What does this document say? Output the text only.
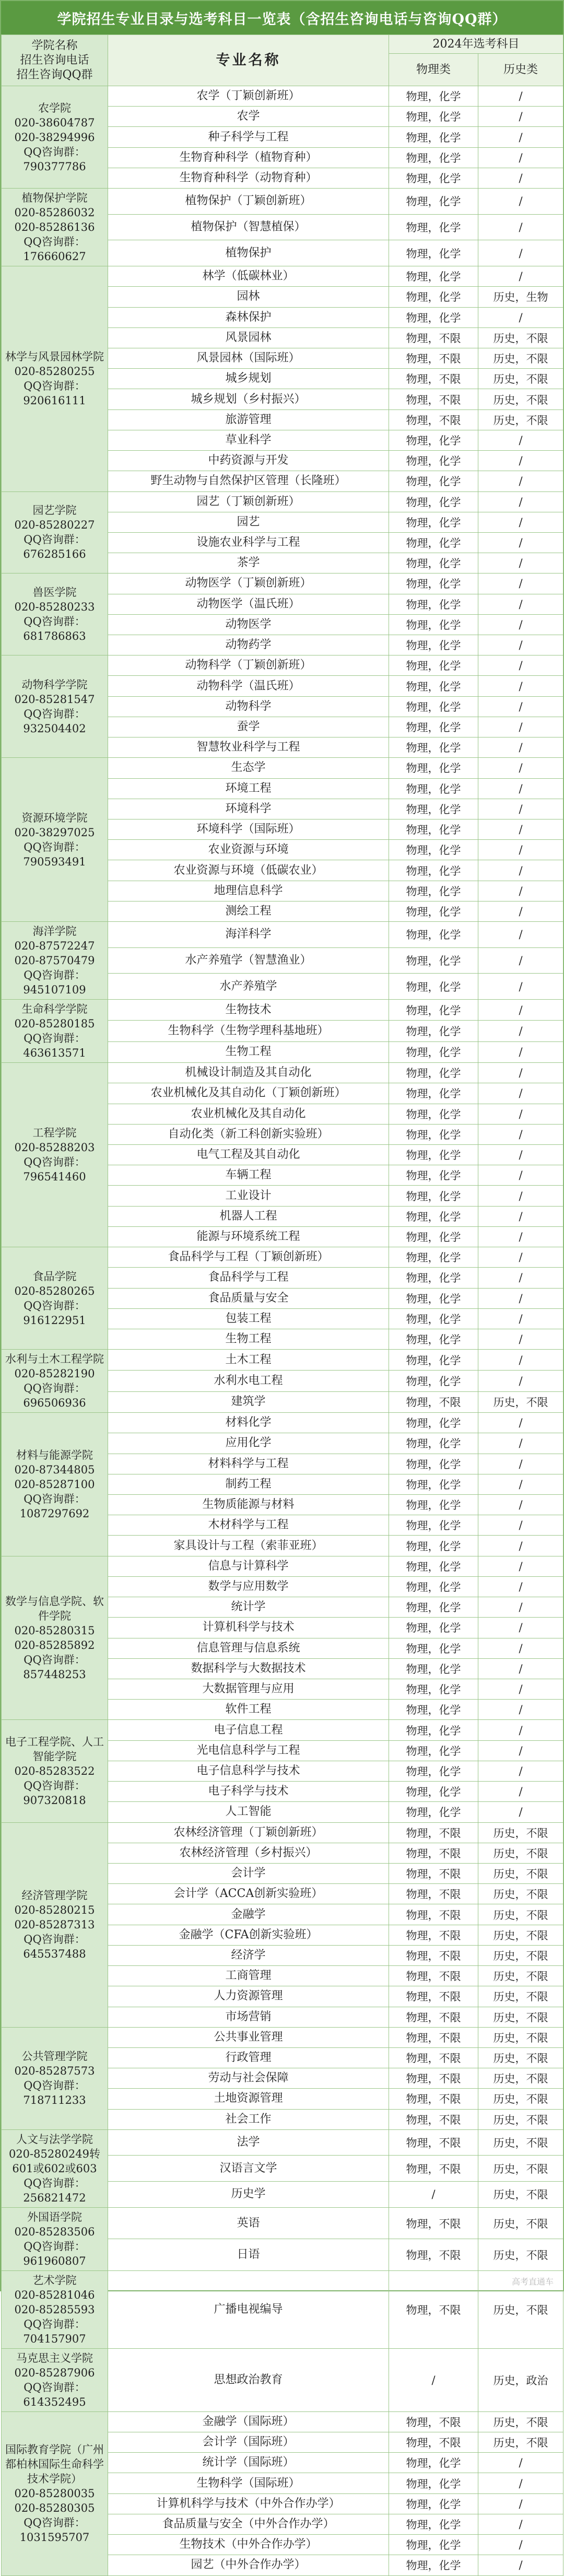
学院招生专业目录与选考科目一览表（含招生咨询电话与咨询QQ群）
学院名称
招生咨询电话
招生咨询QQ群	专业名称	2024年选考科目	
		物理类	历史类

农学院
020-38604787
020-38294996
QQ咨询群：790377786	农学（丁颖创新班）	物理，化学	/
	农学	物理，化学	/
	种子科学与工程	物理，化学	/
	生物育种科学（植物育种）	物理，化学	/
	生物育种科学（动物育种）	物理，化学	/

植物保护学院
020-85286032
020-85286136
QQ咨询群：176660627	植物保护（丁颖创新班）	物理，化学	/
	植物保护（智慧植保）	物理，化学	/
	植物保护	物理，化学	/

林学与风景园林学院
020-85280255
QQ咨询群：920616111	林学（低碳林业）	物理，化学	/
	园林	物理，化学	历史，生物
	森林保护	物理，化学	/
	风景园林	物理，不限	历史，不限
	风景园林（国际班）	物理，不限	历史，不限
	城乡规划	物理，不限	历史，不限
	城乡规划（乡村振兴）	物理，不限	历史，不限
	旅游管理	物理，不限	历史，不限
	草业科学	物理，化学	/
	中药资源与开发	物理，化学	/
	野生动物与自然保护区管理（长隆班）	物理，化学	/

园艺学院
020-85280227
QQ咨询群：676285166	园艺（丁颖创新班）	物理，化学	/
	园艺	物理，化学	/
	设施农业科学与工程	物理，化学	/
	茶学	物理，化学	/

兽医学院
020-85280233
QQ咨询群：681786863	动物医学（丁颖创新班）	物理，化学	/
	动物医学（温氏班）	物理，化学	/
	动物医学	物理，化学	/
	动物药学	物理，化学	/

动物科学学院
020-85281547
QQ咨询群：932504402	动物科学（丁颖创新班）	物理，化学	/
	动物科学（温氏班）	物理，化学	/
	动物科学	物理，化学	/
	蚕学	物理，化学	/
	智慧牧业科学与工程	物理，化学	/

资源环境学院
020-38297025
QQ咨询群：790593491	生态学	物理，化学	/
	环境工程	物理，化学	/
	环境科学	物理，化学	/
	环境科学（国际班）	物理，化学	/
	农业资源与环境	物理，化学	/
	农业资源与环境（低碳农业）	物理，化学	/
	地理信息科学	物理，化学	/
	测绘工程	物理，化学	/

海洋学院
020-87572247
020-87570479
QQ咨询群：945107109	海洋科学	物理，化学	/
	水产养殖学（智慧渔业）	物理，化学	/
	水产养殖学	物理，化学	/

生命科学学院
020-85280185
QQ咨询群：463613571	生物技术	物理，化学	/
	生物科学（生物学理科基地班）	物理，化学	/
	生物工程	物理，化学	/

工程学院
020-85288203
QQ咨询群：796541460	机械设计制造及其自动化	物理，化学	/
	农业机械化及其自动化（丁颖创新班）	物理，化学	/
	农业机械化及其自动化	物理，化学	/
	自动化类（新工科创新实验班）	物理，化学	/
	电气工程及其自动化	物理，化学	/
	车辆工程	物理，化学	/
	工业设计	物理，化学	/
	机器人工程	物理，化学	/
	能源与环境系统工程	物理，化学	/

食品学院
020-85280265
QQ咨询群：916122951	食品科学与工程（丁颖创新班）	物理，化学	/
	食品科学与工程	物理，化学	/
	食品质量与安全	物理，化学	/
	包装工程	物理，化学	/
	生物工程	物理，化学	/

水利与土木工程学院
020-85282190
QQ咨询群：696506936	土木工程	物理，化学	/
	水利水电工程	物理，化学	/
	建筑学	物理，不限	历史，不限

材料与能源学院
020-87344805
020-85287100
QQ咨询群：1087297692	材料化学	物理，化学	/
	应用化学	物理，化学	/
	材料科学与工程	物理，化学	/
	制药工程	物理，化学	/
	生物质能源与材料	物理，化学	/
	木材科学与工程	物理，化学	/
	家具设计与工程（索菲亚班）	物理，化学	/

数学与信息学院、软件学院
020-85280315
020-85285892
QQ咨询群：857448253	信息与计算科学	物理，化学	/
	数学与应用数学	物理，化学	/
	统计学	物理，化学	/
	计算机科学与技术	物理，化学	/
	信息管理与信息系统	物理，化学	/
	数据科学与大数据技术	物理，化学	/
	大数据管理与应用	物理，化学	/
	软件工程	物理，化学	/

电子工程学院、人工智能学院
020-85283522
QQ咨询群：907320818	电子信息工程	物理，化学	/
	光电信息科学与工程	物理，化学	/
	电子信息科学与技术	物理，化学	/
	电子科学与技术	物理，化学	/
	人工智能	物理，化学	/

经济管理学院
020-85280215
020-85287313
QQ咨询群：645537488	农林经济管理（丁颖创新班）	物理，不限	历史，不限
	农林经济管理（乡村振兴）	物理，不限	历史，不限
	会计学	物理，不限	历史，不限
	会计学（ACCA创新实验班）	物理，不限	历史，不限
	金融学	物理，不限	历史，不限
	金融学（CFA创新实验班）	物理，不限	历史，不限
	经济学	物理，不限	历史，不限
	工商管理	物理，不限	历史，不限
	人力资源管理	物理，不限	历史，不限
	市场营销	物理，不限	历史，不限

公共管理学院
020-85287573
QQ咨询群：718711233	公共事业管理	物理，不限	历史，不限
	行政管理	物理，不限	历史，不限
	劳动与社会保障	物理，不限	历史，不限
	土地资源管理	物理，不限	历史，不限
	社会工作	物理，不限	历史，不限

人文与法学学院
020-85280249转601或602或603
QQ咨询群：256821472	法学	物理，不限	历史，不限
	汉语言文学	物理，不限	历史，不限
	历史学	/	历史，不限

外国语学院
020-85283506
QQ咨询群：961960807	英语	物理，不限	历史，不限
	日语	物理，不限	历史，不限

艺术学院
020-85281046
020-85285593
QQ咨询群：704157907	广播电视编导	物理，不限	历史，不限

马克思主义学院
020-85287906
QQ咨询群：614352495	思想政治教育	/	历史，政治

国际教育学院（广州都柏林国际生命科学技术学院）
020-85280035
020-85280305
QQ咨询群：1031595707	金融学（国际班）	物理，不限	历史，不限
	会计学（国际班）	物理，不限	历史，不限
	统计学（国际班）	物理，化学	/
	生物科学（国际班）	物理，化学	/
	计算机科学与技术（中外合作办学）	物理，化学	/
	食品质量与安全（中外合作办学）	物理，化学	/
	生物技术（中外合作办学）	物理，化学	/
	园艺（中外合作办学）	物理，化学	/
高考直通车
